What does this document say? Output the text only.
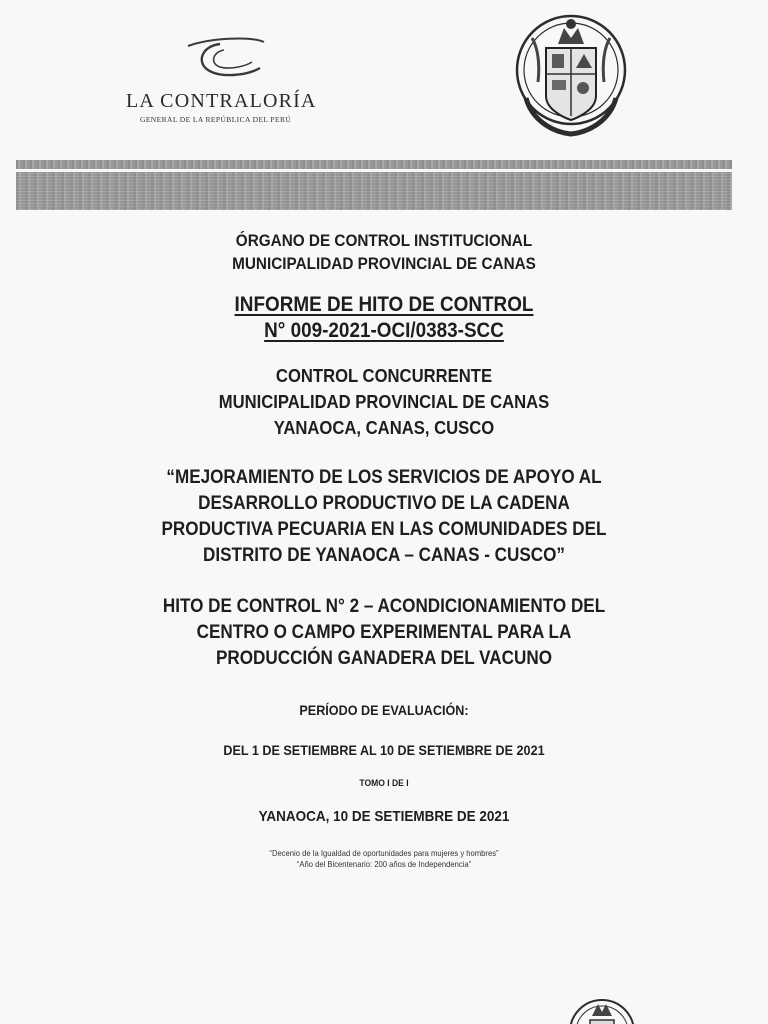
LA CONTRALORÍA
GENERAL DE LA REPÚBLICA DEL PERÚ
ÓRGANO DE CONTROL INSTITUCIONAL
MUNICIPALIDAD PROVINCIAL DE CANAS
INFORME DE HITO DE CONTROL
N° 009-2021-OCI/0383-SCC
CONTROL CONCURRENTE
MUNICIPALIDAD PROVINCIAL DE CANAS
YANAOCA, CANAS, CUSCO
“MEJORAMIENTO DE LOS SERVICIOS DE APOYO AL
DESARROLLO PRODUCTIVO DE LA CADENA
PRODUCTIVA PECUARIA EN LAS COMUNIDADES DEL
DISTRITO DE YANAOCA – CANAS - CUSCO”
HITO DE CONTROL N° 2 – ACONDICIONAMIENTO DEL
CENTRO O CAMPO EXPERIMENTAL PARA LA
PRODUCCIÓN GANADERA DEL VACUNO
PERÍODO DE EVALUACIÓN:
DEL 1 DE SETIEMBRE AL 10 DE SETIEMBRE DE 2021
TOMO I DE I
YANAOCA, 10 DE SETIEMBRE DE 2021
“Decenio de la Igualdad de oportunidades para mujeres y hombres”
“Año del Bicentenario: 200 años de Independencia”
